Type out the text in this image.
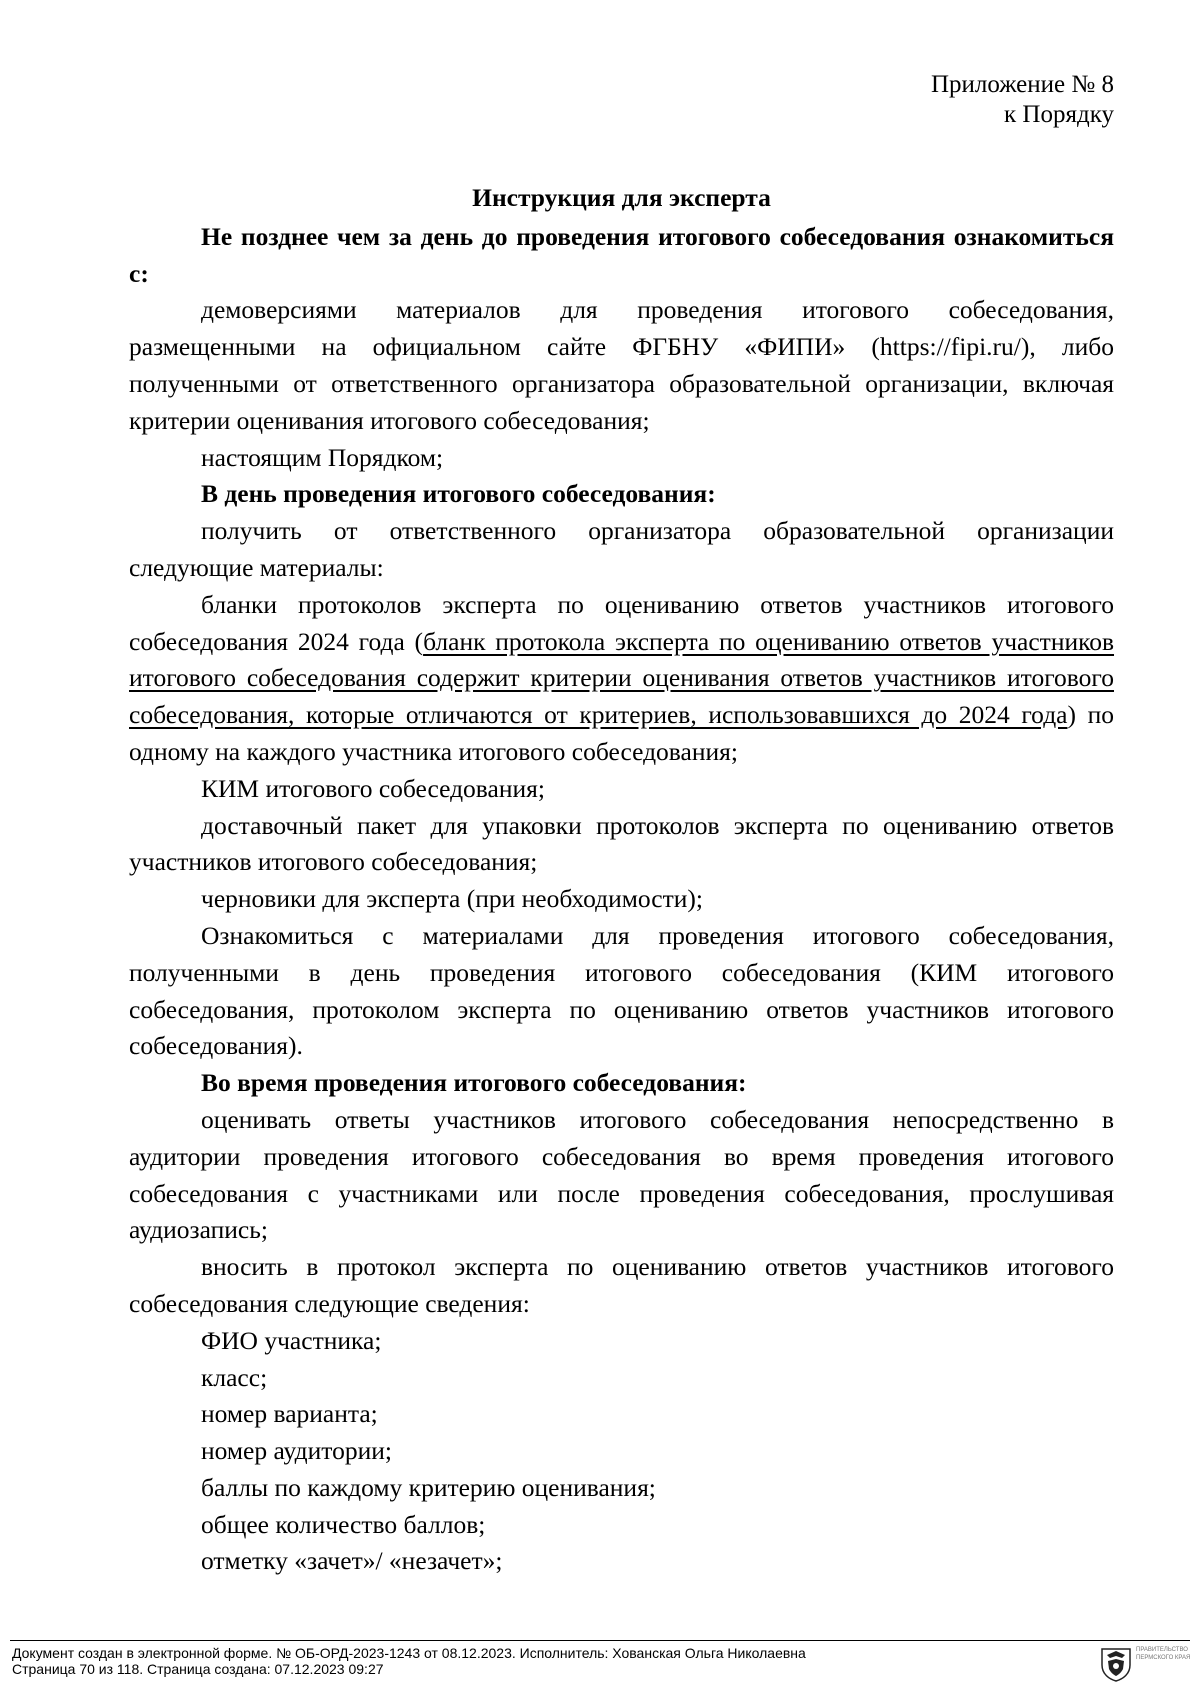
Приложение № 8
к Порядку

Инструкция для эксперта

Не позднее чем за день до проведения итогового собеседования ознакомиться с:

демоверсиями материалов для проведения итогового собеседования, размещенными на официальном сайте ФГБНУ «ФИПИ» (https://fipi.ru/), либо полученными от ответственного организатора образовательной организации, включая критерии оценивания итогового собеседования;

настоящим Порядком;

В день проведения итогового собеседования:

получить от ответственного организатора образовательной организации следующие материалы:

бланки протоколов эксперта по оцениванию ответов участников итогового собеседования 2024 года (бланк протокола эксперта по оцениванию ответов участников итогового собеседования содержит критерии оценивания ответов участников итогового собеседования, которые отличаются от критериев, использовавшихся до 2024 года) по одному на каждого участника итогового собеседования;

КИМ итогового собеседования;

доставочный пакет для упаковки протоколов эксперта по оцениванию ответов участников итогового собеседования;

черновики для эксперта (при необходимости);

Ознакомиться с материалами для проведения итогового собеседования, полученными в день проведения итогового собеседования (КИМ итогового собеседования, протоколом эксперта по оцениванию ответов участников итогового собеседования).

Во время проведения итогового собеседования:

оценивать ответы участников итогового собеседования непосредственно в аудитории проведения итогового собеседования во время проведения итогового собеседования с участниками или после проведения собеседования, прослушивая аудиозапись;

вносить в протокол эксперта по оцениванию ответов участников итогового собеседования следующие сведения:

ФИО участника;

класс;

номер варианта;

номер аудитории;

баллы по каждому критерию оценивания;

общее количество баллов;

отметку «зачет»/ «незачет»;

Документ создан в электронной форме. № ОБ-ОРД-2023-1243 от 08.12.2023. Исполнитель: Хованская Ольга Николаевна
Страница 70 из 118. Страница создана: 07.12.2023 09:27
ПРАВИТЕЛЬСТВО ПЕРМСКОГО КРАЯ
